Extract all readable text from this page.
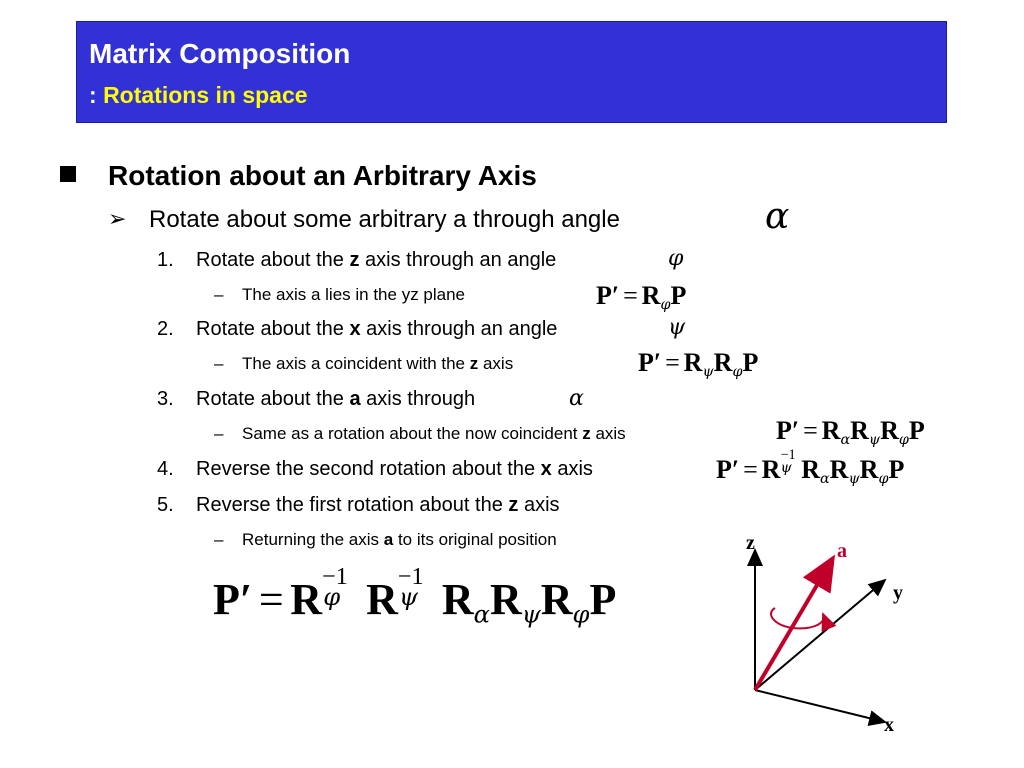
Matrix Composition
: Rotations in space
Rotation about an Arbitrary Axis
➢ Rotate about some arbitrary a through angle	α
1. Rotate about the z axis through an angle	φ
– The axis a lies in the yz plane	$P' = R_\varphi P$
2. Rotate about the x axis through an angle	ψ
– The axis a coincident with the z axis	$P' = R_\psi R_\varphi P$
3. Rotate about the a axis through	α
– Same as a rotation about the now coincident z axis	$P' = R_\alpha R_\psi R_\varphi P$
4. Reverse the second rotation about the x axis	P′ = R −1
ψ $R_\alpha R_\psi R_\varphi P$
5. Reverse the first rotation about the z axis
– Returning the axis a to its original position
P′ = R −1
φ R −1
ψ $R_\alpha R_\psi R_\varphi P$
z
y
x
a
